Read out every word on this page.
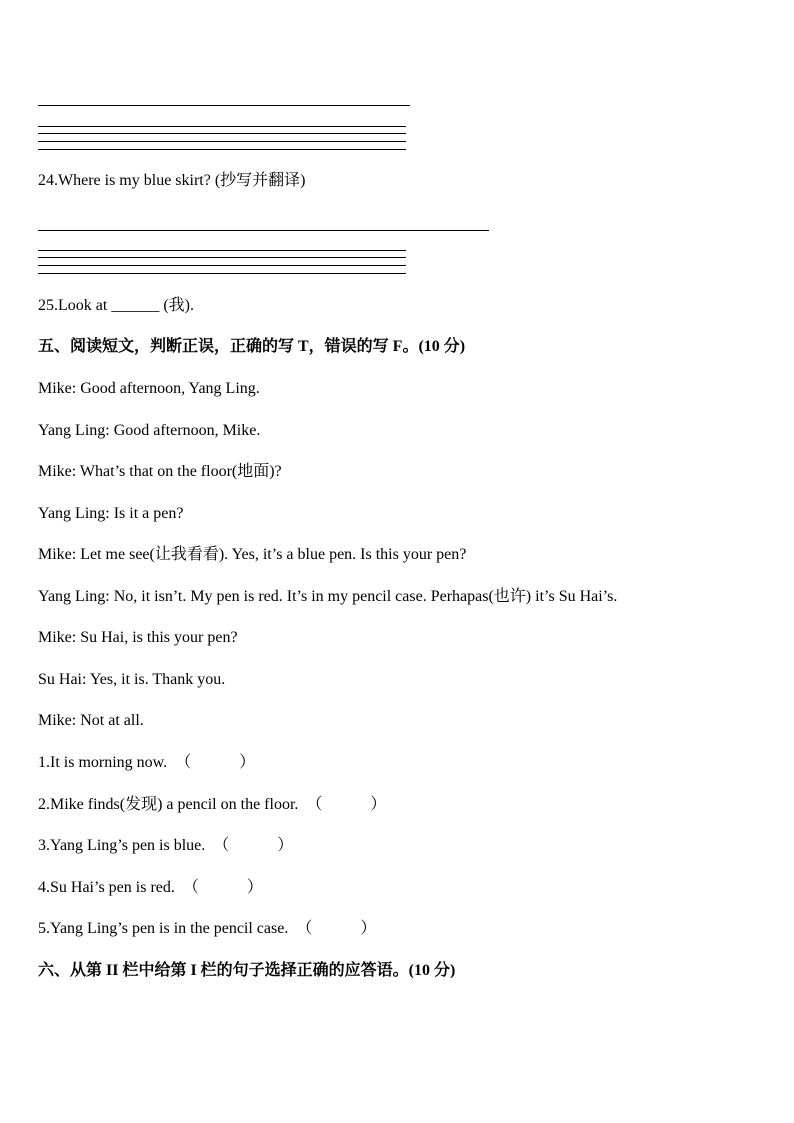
24.Where is my blue skirt? (抄写并翻译)
25.Look at ______ (我).
五、阅读短文，判断正误，正确的写 T，错误的写 F。(10 分)
Mike: Good afternoon, Yang Ling.
Yang Ling: Good afternoon, Mike.
Mike: What’s that on the floor(地面)?
Yang Ling: Is it a pen?
Mike: Let me see(让我看看). Yes, it’s a blue pen. Is this your pen?
Yang Ling: No, it isn’t. My pen is red. It’s in my pencil case. Perhapas(也许) it’s Su Hai’s.
Mike: Su Hai, is this your pen?
Su Hai: Yes, it is. Thank you.
Mike: Not at all.
1.It is morning now. （　　　）
2.Mike finds(发现) a pencil on the floor. （　　　）
3.Yang Ling’s pen is blue. （　　　）
4.Su Hai’s pen is red. （　　　）
5.Yang Ling’s pen is in the pencil case. （　　　）
六、从第 II 栏中给第 I 栏的句子选择正确的应答语。(10 分)
